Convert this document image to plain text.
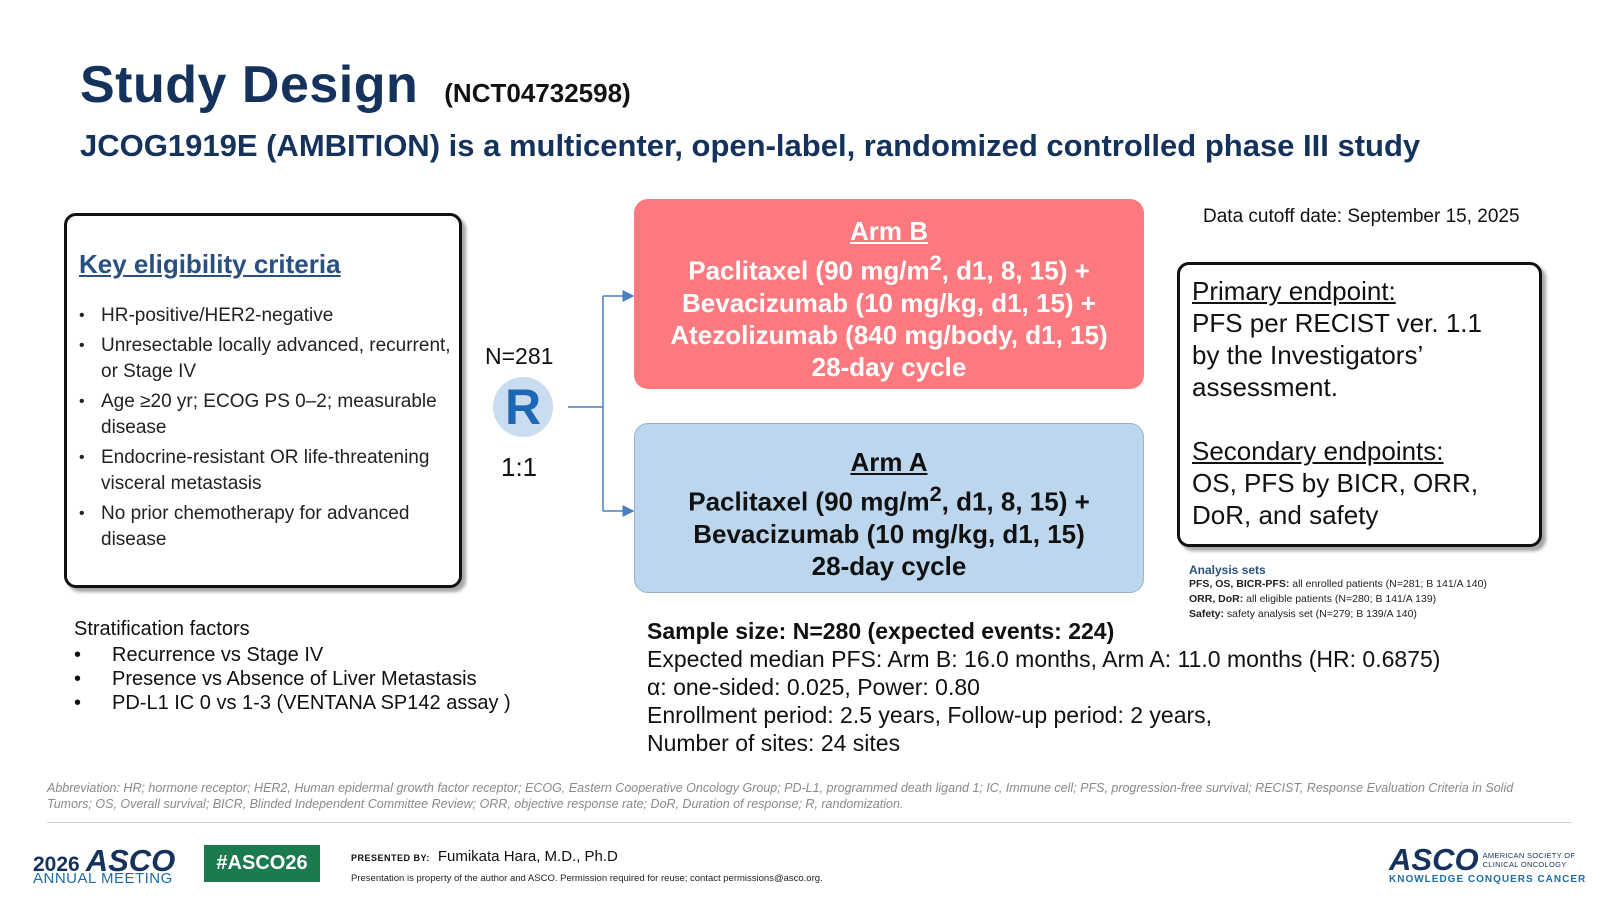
Study Design (NCT04732598)
JCOG1919E (AMBITION) is a multicenter, open-label, randomized controlled phase III study
Key eligibility criteria
• HR-positive/HER2-negative
• Unresectable locally advanced, recurrent, or Stage IV
• Age ≥20 yr; ECOG PS 0–2; measurable disease
• Endocrine-resistant OR life-threatening visceral metastasis
• No prior chemotherapy for advanced disease
N=281
R
1:1
Arm B
Paclitaxel (90 $mg/m^2$, d1, 8, 15) +
Bevacizumab (10 mg/kg, d1, 15) +
Atezolizumab (840 mg/body, d1, 15)
28-day cycle
Arm A
Paclitaxel (90 $mg/m^2$, d1, 8, 15) +
Bevacizumab (10 mg/kg, d1, 15)
28-day cycle
Data cutoff date: September 15, 2025
Primary endpoint:
PFS per RECIST ver. 1.1
by the Investigators’
assessment.
Secondary endpoints:
OS, PFS by BICR, ORR,
DoR, and safety
Analysis sets
PFS, OS, BICR-PFS: all enrolled patients (N=281; B 141/A 140)
ORR, DoR: all eligible patients (N=280; B 141/A 139)
Safety: safety analysis set (N=279; B 139/A 140)
Stratification factors
• Recurrence vs Stage IV
• Presence vs Absence of Liver Metastasis
• PD-L1 IC 0 vs 1-3 (VENTANA SP142 assay )
Sample size: N=280 (expected events: 224)
Expected median PFS: Arm B: 16.0 months, Arm A: 11.0 months (HR: 0.6875)
α: one-sided: 0.025, Power: 0.80
Enrollment period: 2.5 years, Follow-up period: 2 years,
Number of sites: 24 sites
Abbreviation: HR; hormone receptor; HER2, Human epidermal growth factor receptor; ECOG, Eastern Cooperative Oncology Group; PD-L1, programmed death ligand 1; IC, Immune cell; PFS, progression-free survival; RECIST, Response Evaluation Criteria in Solid Tumors; OS, Overall survival; BICR, Blinded Independent Committee Review; ORR, objective response rate; DoR, Duration of response; R, randomization.
2026 ASCO
ANNUAL MEETING
#ASCO26	PRESENTED BY: Fumikata Hara, M.D., Ph.D
Presentation is property of the author and ASCO. Permission required for reuse; contact permissions@asco.org.
ASCO AMERICAN SOCIETY OF
CLINICAL ONCOLOGY
KNOWLEDGE CONQUERS CANCER
